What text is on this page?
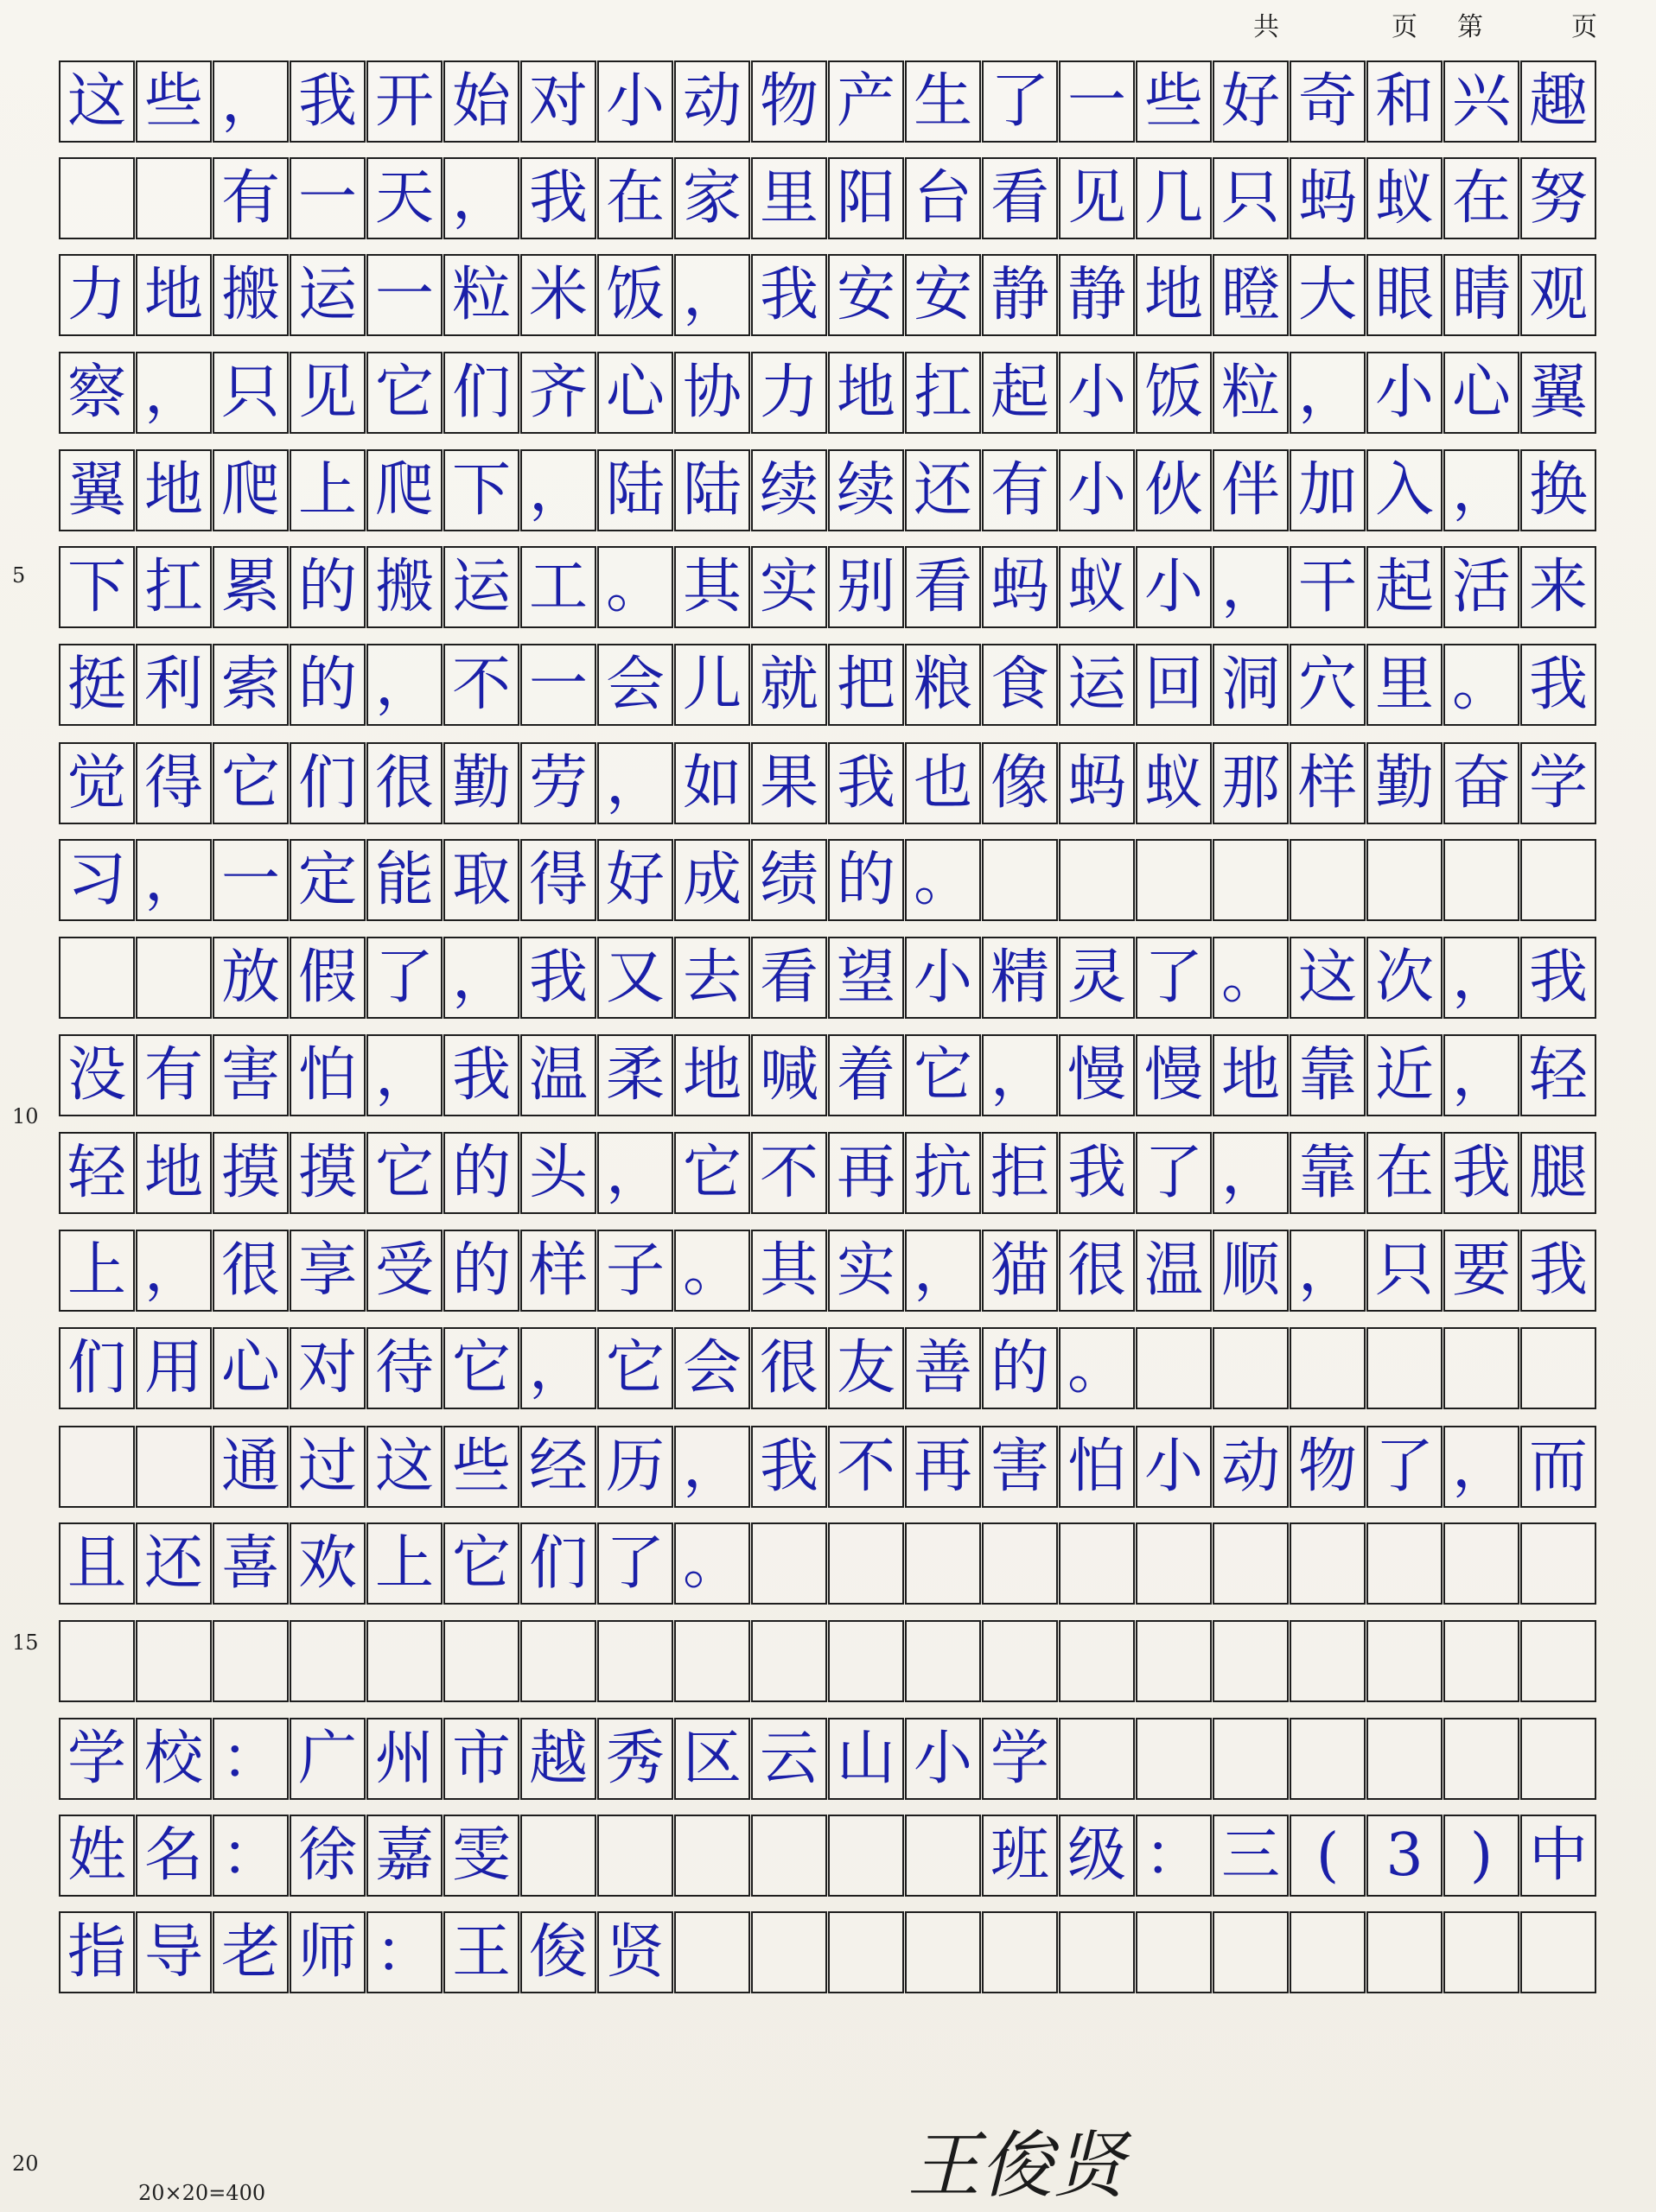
共	页 第	页
这 些 ， 我 开 始 对 小 动 物 产 生 了 一 些 好 奇 和 兴 趣
有 一 天 ， 我 在 家 里 阳 台 看 见 几 只 蚂 蚁 在 努
力 地 搬 运 一 粒 米 饭 ， 我 安 安 静 静 地 瞪 大 眼 睛 观
察 ， 只 见 它 们 齐 心 协 力 地 扛 起 小 饭 粒 ， 小 心 翼
翼 地 爬 上 爬 下 ， 陆 陆 续 续 还 有 小 伙 伴 加 入 ， 换
下 扛 累 的 搬 运 工 。 其 实 别 看 蚂 蚁 小 ， 干 起 活 来
挺 利 索 的 ， 不 一 会 儿 就 把 粮 食 运 回 洞 穴 里 。 我
觉 得 它 们 很 勤 劳 ， 如 果 我 也 像 蚂 蚁 那 样 勤 奋 学
习 ， 一 定 能 取 得 好 成 绩 的 。
放 假 了 ， 我 又 去 看 望 小 精 灵 了 。 这 次 ， 我
没 有 害 怕 ， 我 温 柔 地 喊 着 它 ， 慢 慢 地 靠 近 ， 轻
轻 地 摸 摸 它 的 头 ， 它 不 再 抗 拒 我 了 ， 靠 在 我 腿
上 ， 很 享 受 的 样 子 。 其 实 ， 猫 很 温 顺 ， 只 要 我
们 用 心 对 待 它 ， 它 会 很 友 善 的 。
通 过 这 些 经 历 ， 我 不 再 害 怕 小 动 物 了 ， 而
且 还 喜 欢 上 它 们 了 。
学 校 ： 广 州 市 越 秀 区 云 山 小 学
姓 名 ： 徐 嘉 雯	班 级 ： 三 ( 3 ) 中
指 导 老 师 ： 王 俊 贤
5
10
15
20
20×20=400	王俊贤
